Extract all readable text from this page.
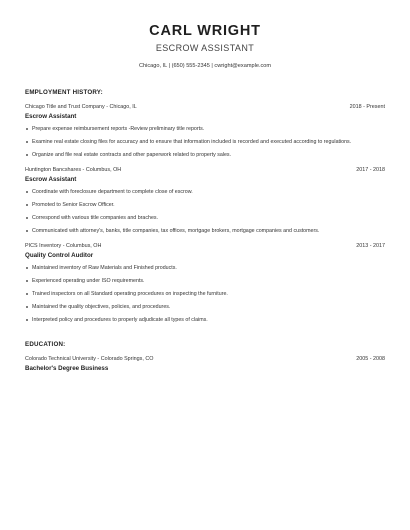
CARL WRIGHT
ESCROW ASSISTANT
Chicago, IL | (650) 555-2345 | cwright@example.com
EMPLOYMENT HISTORY:
Chicago Title and Trust Company - Chicago, IL	2018 - Present
Escrow Assistant
Prepare expense reimbursement reports -Review preliminary title reports.
Examine real estate closing files for accuracy and to ensure that information included is recorded and executed according to regulations.
Organize and file real estate contracts and other paperwork related to property sales.
Huntington Bancshares - Columbus, OH	2017 - 2018
Escrow Assistant
Coordinate with foreclosure department to complete close of escrow.
Promoted to Senior Escrow Officer.
Correspond with various title companies and braches.
Communicated with attorney's, banks, title companies, tax offices, mortgage brokers, mortgage companies and customers.
PICS Inventory - Columbus, OH	2013 - 2017
Quality Control Auditor
Maintained inventory of Raw Materials and Finished products.
Experienced operating under ISO requirements.
Trained inspectors on all Standard operating procedures on inspecting the furniture.
Maintained the quality objectives, policies, and procedures.
Interpreted policy and procedures to properly adjudicate all types of claims.
EDUCATION:
Colorado Technical University - Colorado Springs, CO	2005 - 2008
Bachelor's Degree Business
